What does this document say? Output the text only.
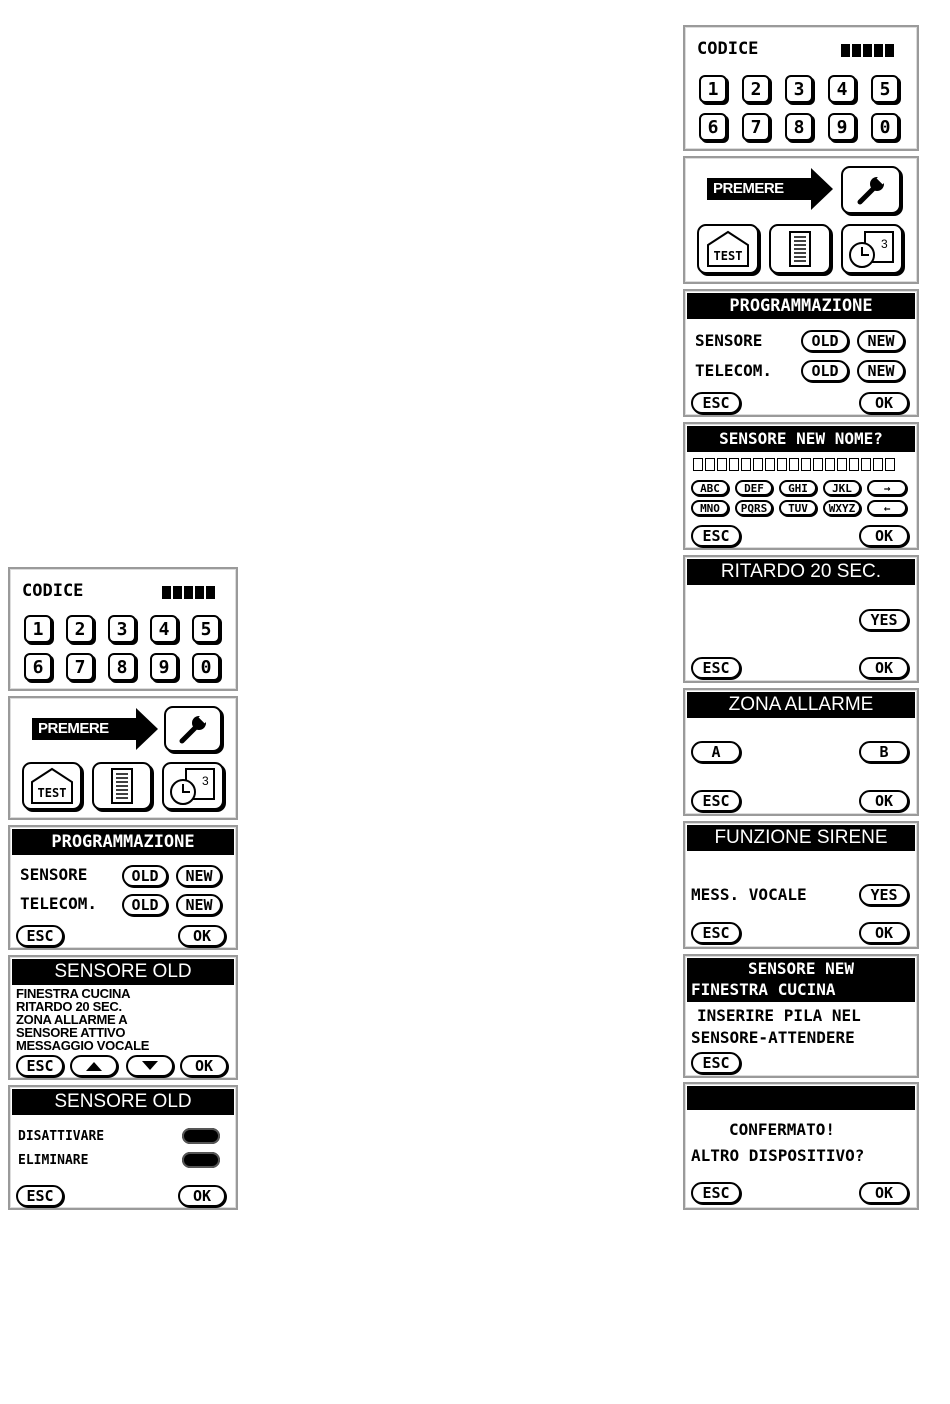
CODICE
1	2	3	4	5
6	7	8	9	0
PREMERE
TEST
3
PROGRAMMAZIONE
SENSORE	OLD	NEW
TELECOM.	OLD	NEW
ESC	OK
SENSORE OLD
FINESTRA CUCINA
RITARDO 20 SEC.
ZONA ALLARME A
SENSORE ATTIVO
MESSAGGIO VOCALE
ESC	OK
SENSORE OLD
DISATTIVARE
ELIMINARE
ESC	OK
CODICE
1	2	3	4	5
6	7	8	9	0
PREMERE
TEST
3
PROGRAMMAZIONE
SENSORE	OLD	NEW
TELECOM.	OLD	NEW
ESC	OK
SENSORE NEW NOME?
ABC	DEF	GHI	JKL	→
MNO	PQRS	TUV	WXYZ	←
ESC	OK
RITARDO 20 SEC.
YES
ESC	OK
ZONA ALLARME
A	B
ESC	OK
FUNZIONE SIRENE
MESS. VOCALE	YES
ESC	OK
SENSORE NEW
FINESTRA CUCINA
INSERIRE PILA NEL
SENSORE-ATTENDERE
ESC
CONFERMATO!
ALTRO DISPOSITIVO?
ESC	OK
